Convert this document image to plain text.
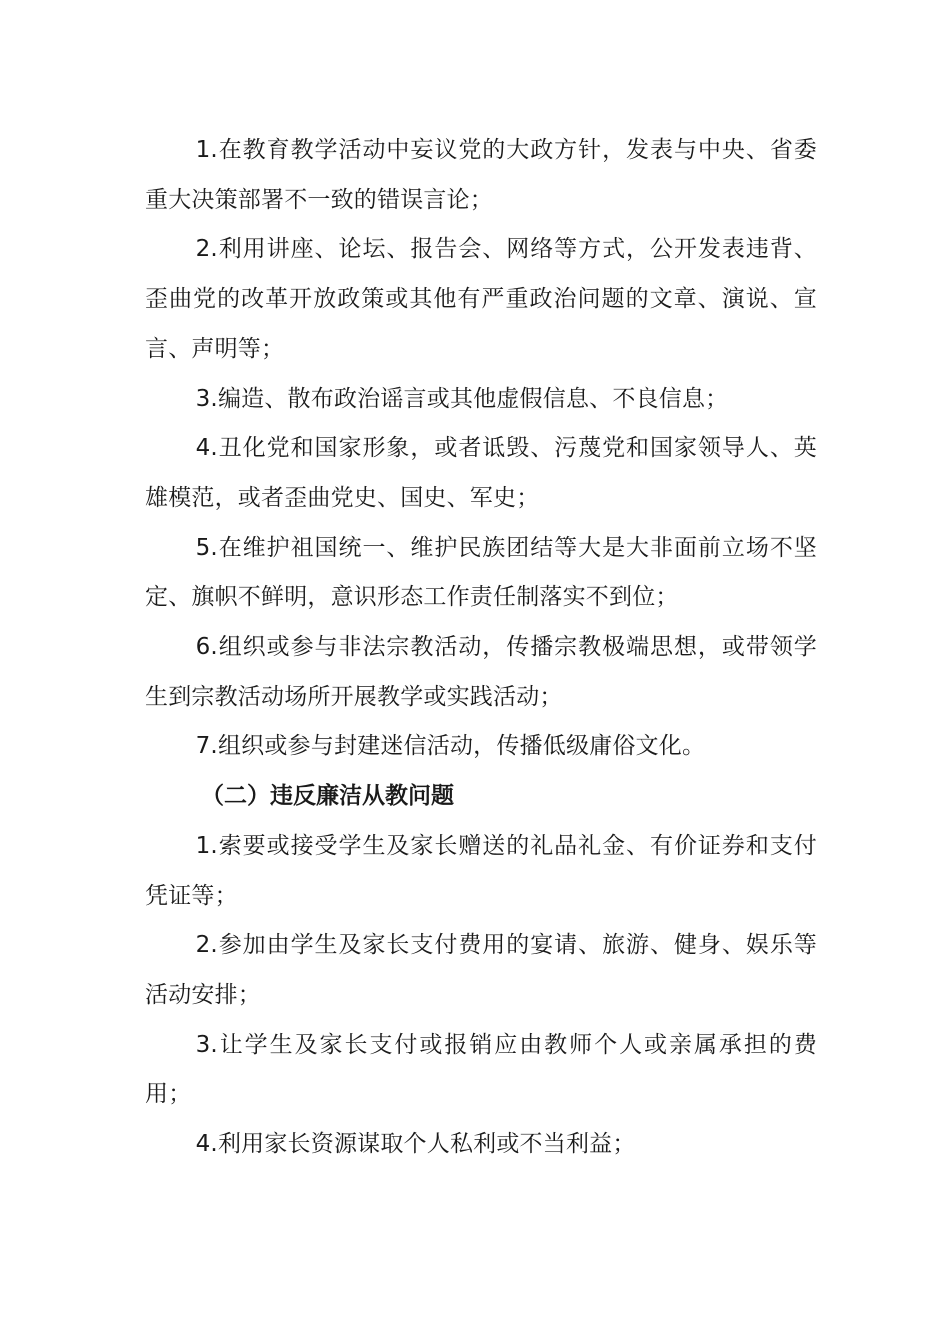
1.在教育教学活动中妄议党的大政方针，发表与中央、省委重大决策部署不一致的错误言论；

2.利用讲座、论坛、报告会、网络等方式，公开发表违背、歪曲党的改革开放政策或其他有严重政治问题的文章、演说、宣言、声明等；

3.编造、散布政治谣言或其他虚假信息、不良信息；

4.丑化党和国家形象，或者诋毁、污蔑党和国家领导人、英雄模范，或者歪曲党史、国史、军史；

5.在维护祖国统一、维护民族团结等大是大非面前立场不坚定、旗帜不鲜明，意识形态工作责任制落实不到位；

6.组织或参与非法宗教活动，传播宗教极端思想，或带领学生到宗教活动场所开展教学或实践活动；

7.组织或参与封建迷信活动，传播低级庸俗文化。

（二）违反廉洁从教问题

1.索要或接受学生及家长赠送的礼品礼金、有价证券和支付凭证等；

2.参加由学生及家长支付费用的宴请、旅游、健身、娱乐等活动安排；

3.让学生及家长支付或报销应由教师个人或亲属承担的费用；

4.利用家长资源谋取个人私利或不当利益；
